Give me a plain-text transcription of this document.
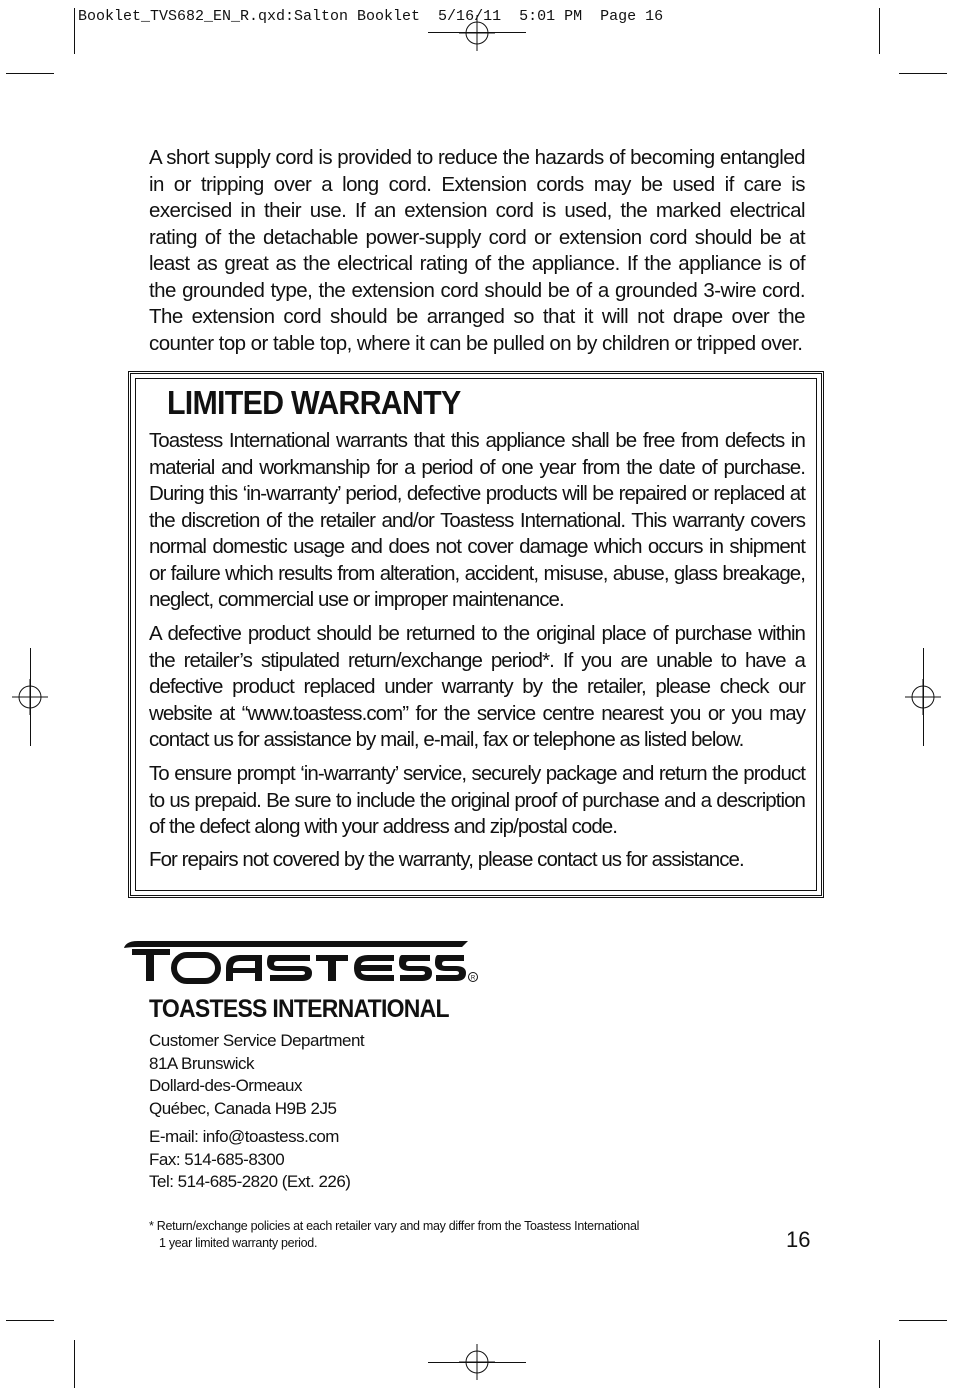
Booklet_TVS682_EN_R.qxd:Salton Booklet  5/16/11  5:01 PM  Page 16

A short supply cord is provided to reduce the hazards of becoming entangled in or tripping over a long cord. Extension cords may be used if care is exercised in their use. If an extension cord is used, the marked electrical rating of the detachable power-supply cord or extension cord should be at least as great as the electrical rating of the appliance. If the appliance is of the grounded type, the extension cord should be of a grounded 3-wire cord. The extension cord should be arranged so that it will not drape over the counter top or table top, where it can be pulled on by children or tripped over.

LIMITED WARRANTY

Toastess International warrants that this appliance shall be free from defects in material and workmanship for a period of one year from the date of purchase. During this ‘in-warranty’ period, defective products will be repaired or replaced at the discretion of the retailer and/or Toastess International. This warranty covers normal domestic usage and does not cover damage which occurs in shipment or failure which results from alteration, accident, misuse, abuse, glass breakage, neglect, commercial use or improper maintenance.

A defective product should be returned to the original place of purchase within the retailer’s stipulated return/exchange period*. If you are unable to have a defective product replaced under warranty by the retailer, please check our website at “www.toastess.com” for the service centre nearest you or you may contact us for assistance by mail, e-mail, fax or telephone as listed below.

To ensure prompt ‘in-warranty’ service, securely package and return the product to us prepaid. Be sure to include the original proof of purchase and a description of the defect along with your address and zip/postal code.

For repairs not covered by the warranty, please contact us for assistance.

R
TOASTESS INTERNATIONAL
Customer Service Department
81A Brunswick
Dollard-des-Ormeaux
Québec, Canada H9B 2J5
E-mail: info@toastess.com
Fax: 514-685-8300
Tel: 514-685-2820 (Ext. 226)
* Return/exchange policies at each retailer vary and may differ from the Toastess International
1 year limited warranty period.	16
